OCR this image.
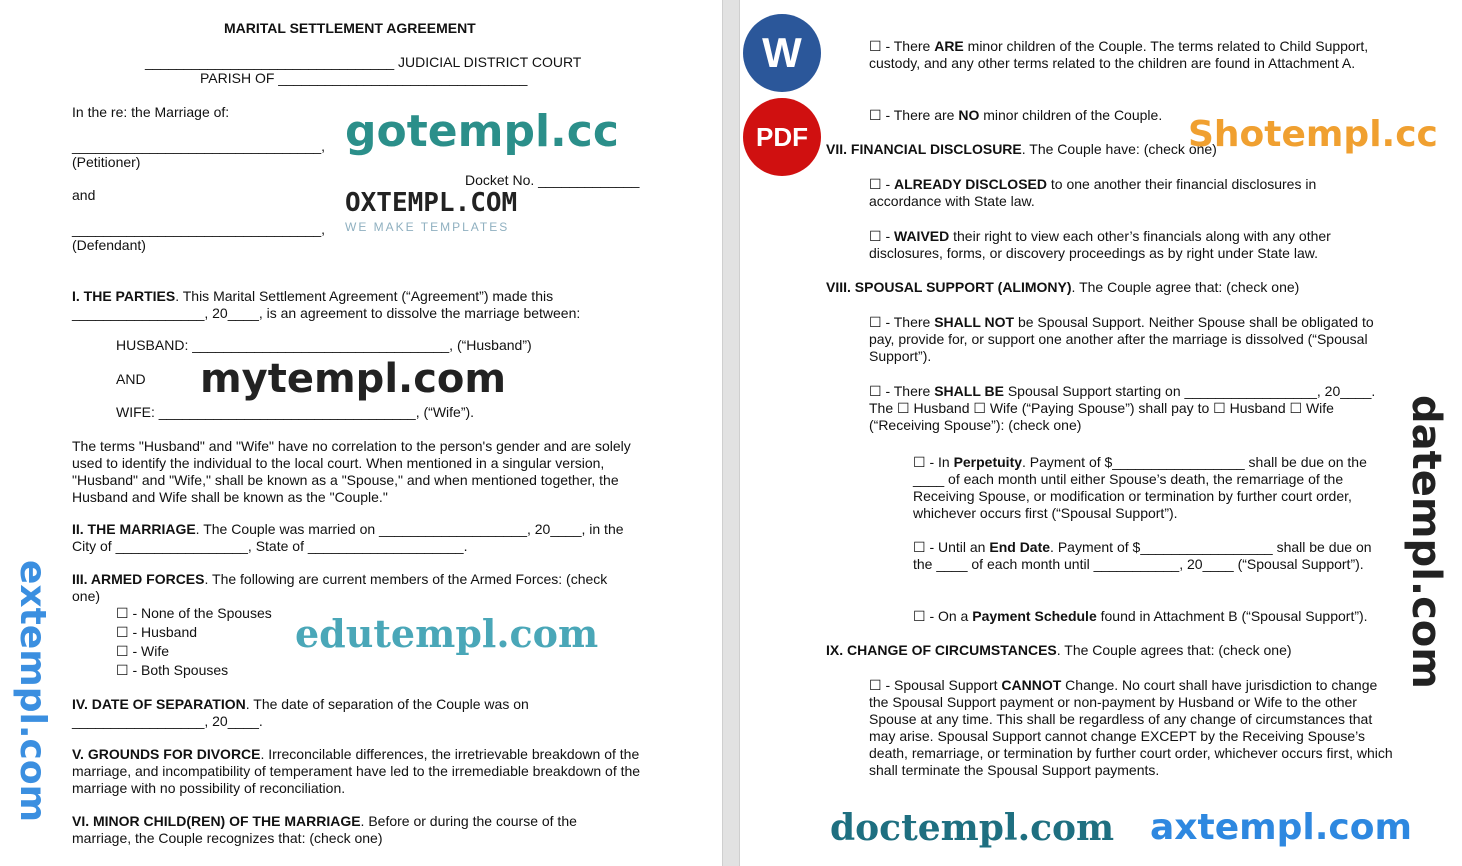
MARITAL SETTLEMENT AGREEMENT
________________________________ JUDICIAL DISTRICT COURT
PARISH OF ________________________________
In the re: the Marriage of:
________________________________,
(Petitioner)
Docket No. _____________
and
________________________________,
(Defendant)
I. THE PARTIES. This Marital Settlement Agreement (“Agreement”) made this _________________, 20____, is an agreement to dissolve the marriage between:
HUSBAND: _________________________________, (“Husband”)
AND
WIFE: _________________________________, (“Wife”).
The terms "Husband" and "Wife" have no correlation to the person's gender and are solely used to identify the individual to the local court. When mentioned in a singular version, "Husband" and "Wife," shall be known as a "Spouse," and when mentioned together, the Husband and Wife shall be known as the "Couple."
II. THE MARRIAGE. The Couple was married on ___________________, 20____, in the City of _________________, State of ____________________.
III. ARMED FORCES. The following are current members of the Armed Forces: (check one)
☐ - None of the Spouses
☐ - Husband
☐ - Wife
☐ - Both Spouses
IV. DATE OF SEPARATION. The date of separation of the Couple was on _________________, 20____.
V. GROUNDS FOR DIVORCE. Irreconcilable differences, the irretrievable breakdown of the marriage, and incompatibility of temperament have led to the irremediable breakdown of the marriage with no possibility of reconciliation.
VI. MINOR CHILD(REN) OF THE MARRIAGE. Before or during the course of the marriage, the Couple recognizes that: (check one)
gotempl.cc
OXTEMPL.COM
WE MAKE TEMPLATES
mytempl.com
edutempl.com
extempl.com
☐ - There ARE minor children of the Couple. The terms related to Child Support, custody, and any other terms related to the children are found in Attachment A.
☐ - There are NO minor children of the Couple.
VII. FINANCIAL DISCLOSURE. The Couple have: (check one)
☐ - ALREADY DISCLOSED to one another their financial disclosures in accordance with State law.
☐ - WAIVED their right to view each other’s financials along with any other disclosures, forms, or discovery proceedings as by right under State law.
VIII. SPOUSAL SUPPORT (ALIMONY). The Couple agree that: (check one)
☐ - There SHALL NOT be Spousal Support. Neither Spouse shall be obligated to pay, provide for, or support one another after the marriage is dissolved (“Spousal Support”).
☐ - There SHALL BE Spousal Support starting on _________________, 20____. The ☐ Husband ☐ Wife (“Paying Spouse”) shall pay to ☐ Husband ☐ Wife (“Receiving Spouse”): (check one)
☐ - In Perpetuity. Payment of $_________________ shall be due on the ____ of each month until either Spouse’s death, the remarriage of the Receiving Spouse, or modification or termination by further court order, whichever occurs first (“Spousal Support”).
☐ - Until an End Date. Payment of $_________________ shall be due on the ____ of each month until ___________, 20____ (“Spousal Support”).
☐ - On a Payment Schedule found in Attachment B (“Spousal Support”).
IX. CHANGE OF CIRCUMSTANCES. The Couple agrees that: (check one)
☐ - Spousal Support CANNOT Change. No court shall have jurisdiction to change the Spousal Support payment or non-payment by Husband or Wife to the other Spouse at any time. This shall be regardless of any change of circumstances that may arise. Spousal Support cannot change EXCEPT by the Receiving Spouse’s death, remarriage, or termination by further court order, whichever occurs first, which shall terminate the Spousal Support payments.
W
PDF	Shotempl.cc
datempl.com
doctempl.com axtempl.com
